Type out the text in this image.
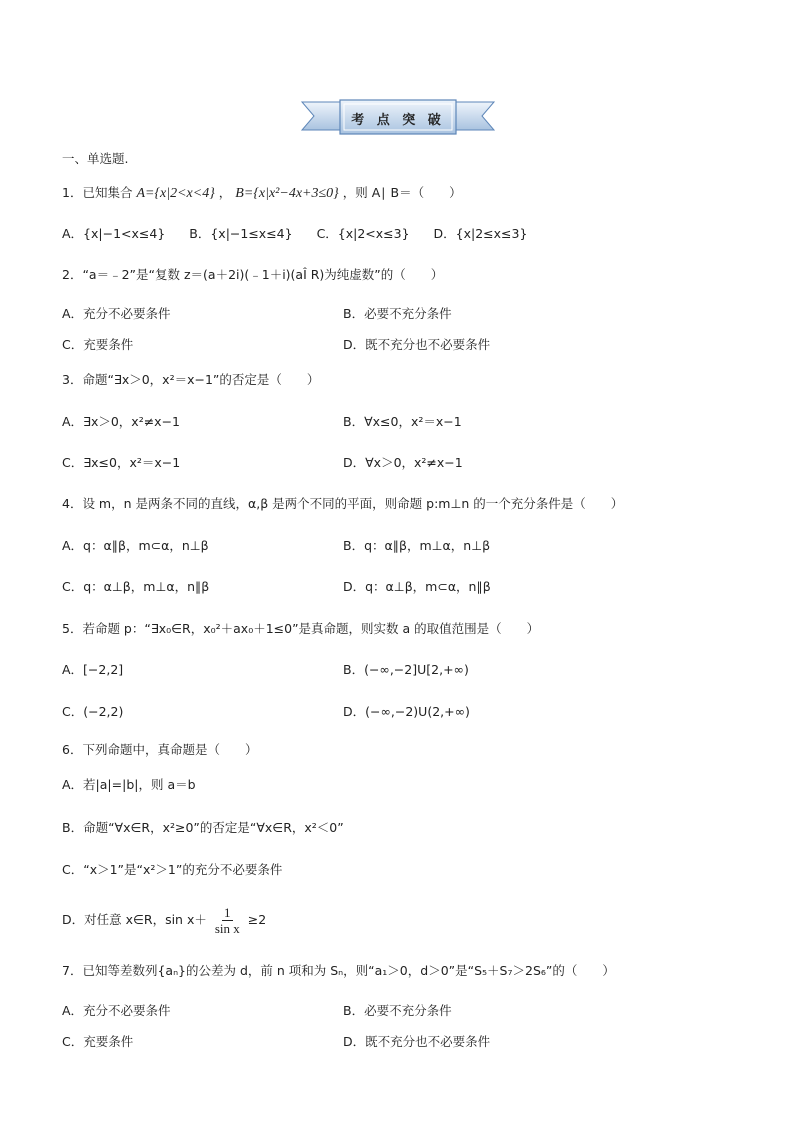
考 点 突 破
一、单选题.
1．已知集合 A={x|2<x<4} ， B={x|x²−4x+3≤0} ，则 A∣ B＝（　　）
A．{x|−1<x≤4} B．{x|−1≤x≤4} C．{x|2<x≤3} D．{x|2≤x≤3}
2．“a＝﹣2”是“复数 z＝(a＋2i)(﹣1＋i)(aÎ R)为纯虚数”的（　　）
A．充分不必要条件	B．必要不充分条件
C．充要条件	D．既不充分也不必要条件
3．命题“∃x＞0，x²＝x−1”的否定是（　　）
A．∃x＞0，x²≠x−1	B．∀x≤0，x²＝x−1
C．∃x≤0，x²＝x−1	D．∀x＞0，x²≠x−1
4．设 m，n 是两条不同的直线，α,β 是两个不同的平面，则命题 p:m⊥n 的一个充分条件是（　　）
A．q：α∥β，m⊂α，n⊥β	B．q：α∥β，m⊥α，n⊥β
C．q：α⊥β，m⊥α，n∥β	D．q：α⊥β，m⊂α，n∥β
5．若命题 p：“∃x₀∈R，x₀²＋ax₀＋1≤0”是真命题，则实数 a 的取值范围是（　　）
A．[−2,2]	B．(−∞,−2]U[2,+∞)
C．(−2,2)	D．(−∞,−2)U(2,+∞)
6．下列命题中，真命题是（　　）
A．若|a|=|b|，则 a＝b
B．命题“∀x∈R，x²≥0”的否定是“∀x∈R，x²＜0”
C．“x＞1”是“x²＞1”的充分不必要条件
D．对任意 x∈R，$\sin x+ \frac{1}{\text{sin x}} \ge 2$
7．已知等差数列{aₙ}的公差为 d，前 n 项和为 Sₙ，则“a₁＞0，d＞0”是“S₅＋S₇＞2S₆”的（　　）
A．充分不必要条件	B．必要不充分条件
C．充要条件	D．既不充分也不必要条件
